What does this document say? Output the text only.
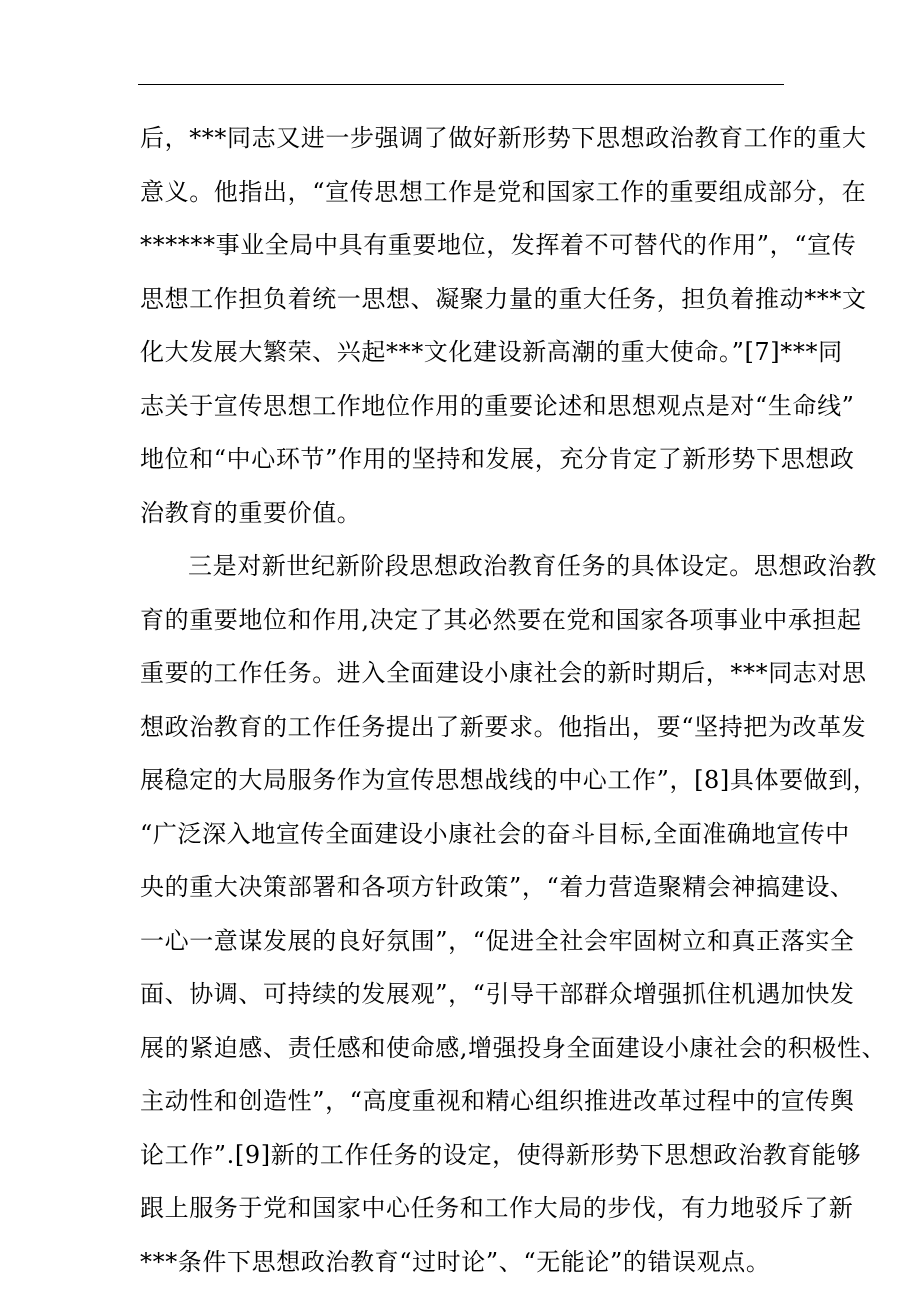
后，***同志又进一步强调了做好新形势下思想政治教育工作的重大
意义。他指出，“宣传思想工作是党和国家工作的重要组成部分，在
******事业全局中具有重要地位，发挥着不可替代的作用”，“宣传
思想工作担负着统一思想、凝聚力量的重大任务，担负着推动***文
化大发展大繁荣、兴起***文化建设新高潮的重大使命。”[7]***同
志关于宣传思想工作地位作用的重要论述和思想观点是对“生命线”
地位和“中心环节”作用的坚持和发展，充分肯定了新形势下思想政
治教育的重要价值。
三是对新世纪新阶段思想政治教育任务的具体设定。思想政治教
育的重要地位和作用,决定了其必然要在党和国家各项事业中承担起
重要的工作任务。进入全面建设小康社会的新时期后，***同志对思
想政治教育的工作任务提出了新要求。他指出，要“坚持把为改革发
展稳定的大局服务作为宣传思想战线的中心工作”，[8]具体要做到，
“广泛深入地宣传全面建设小康社会的奋斗目标,全面准确地宣传中
央的重大决策部署和各项方针政策”，“着力营造聚精会神搞建设、
一心一意谋发展的良好氛围”，“促进全社会牢固树立和真正落实全
面、协调、可持续的发展观”，“引导干部群众增强抓住机遇加快发
展的紧迫感、责任感和使命感,增强投身全面建设小康社会的积极性、
主动性和创造性”，“高度重视和精心组织推进改革过程中的宣传舆
论工作”.[9]新的工作任务的设定，使得新形势下思想政治教育能够
跟上服务于党和国家中心任务和工作大局的步伐，有力地驳斥了新
***条件下思想政治教育“过时论”、“无能论”的错误观点。
